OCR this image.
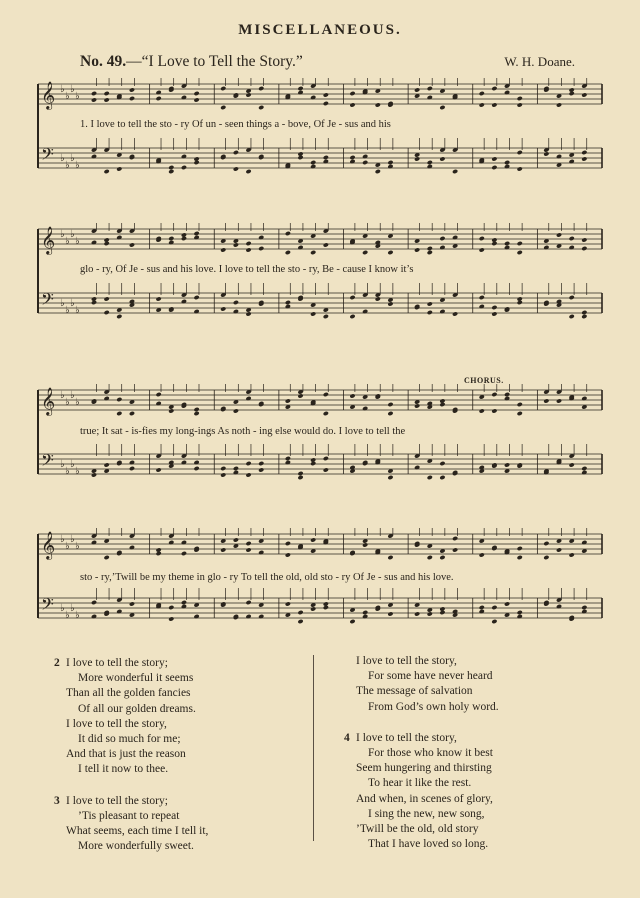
MISCELLANEOUS.
No. 49.—“I Love to Tell the Story.”	W. H. Doane.
𝄞
𝄢
♭
♭
♭
♭
♭
♭
♭
♭
1. I love to tell the sto - ry Of un - seen things a - bove, Of Je - sus and his
𝄞
𝄢
♭
♭
♭
♭
♭
♭
♭
♭
glo - ry, Of Je - sus and his love. I love to tell the sto - ry, Be - cause I know it’s
𝄞
𝄢
♭
♭
♭
♭
♭
♭
♭
♭
CHORUS.
true; It sat - is-fies my long-ings As noth - ing else would do. I love to tell the
𝄞
𝄢
♭
♭
♭
♭
♭
♭
♭
♭
sto - ry,’Twill be my theme in glo - ry To tell the old, old sto - ry Of Je - sus and his love.
2 I love to tell the story;
More wonderful it seems
Than all the golden fancies
Of all our golden dreams.
I love to tell the story,
It did so much for me;
And that is just the reason
I tell it now to thee.
3 I love to tell the story;
’Tis pleasant to repeat
What seems, each time I tell it,
More wonderfully sweet.
I love to tell the story,
For some have never heard
The message of salvation
From God’s own holy word.
4 I love to tell the story,
For those who know it best
Seem hungering and thirsting
To hear it like the rest.
And when, in scenes of glory,
I sing the new, new song,
’Twill be the old, old story
That I have loved so long.
